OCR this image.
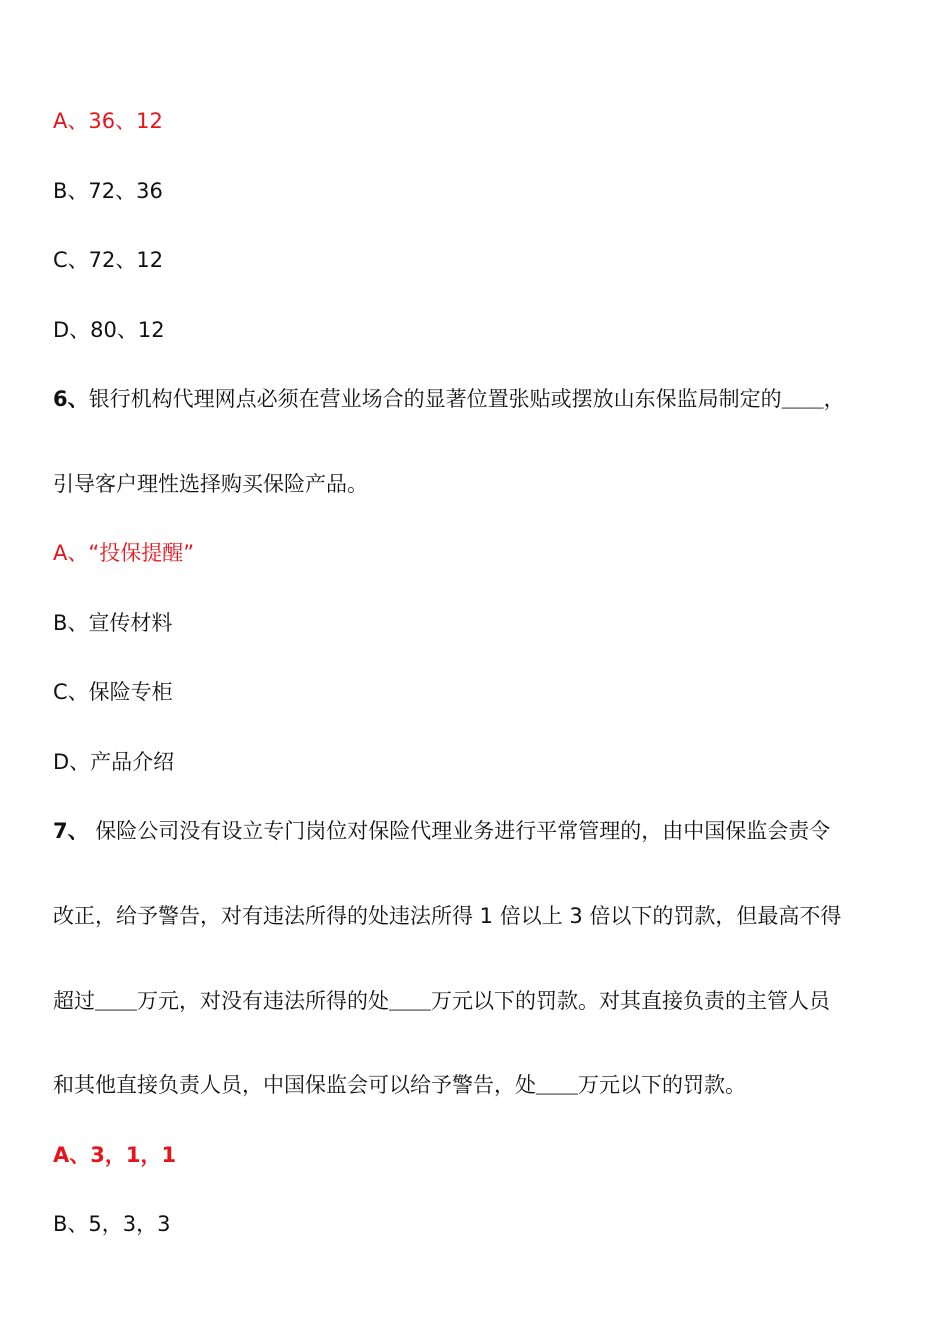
A、36、12
B、72、36
C、72、12
D、80、12
6、银行机构代理网点必须在营业场合的显著位置张贴或摆放山东保监局制定的＿＿，
引导客户理性选择购买保险产品。
A、“投保提醒”
B、宣传材料
C、保险专柜
D、产品介绍
7、 保险公司没有设立专门岗位对保险代理业务进行平常管理的，由中国保监会责令
改正，给予警告，对有违法所得的处违法所得 1 倍以上 3 倍以下的罚款，但最高不得
超过＿＿万元，对没有违法所得的处＿＿万元以下的罚款。对其直接负责的主管人员
和其他直接负责人员，中国保监会可以给予警告，处＿＿万元以下的罚款。
A、3，1，1
B、5，3，3
